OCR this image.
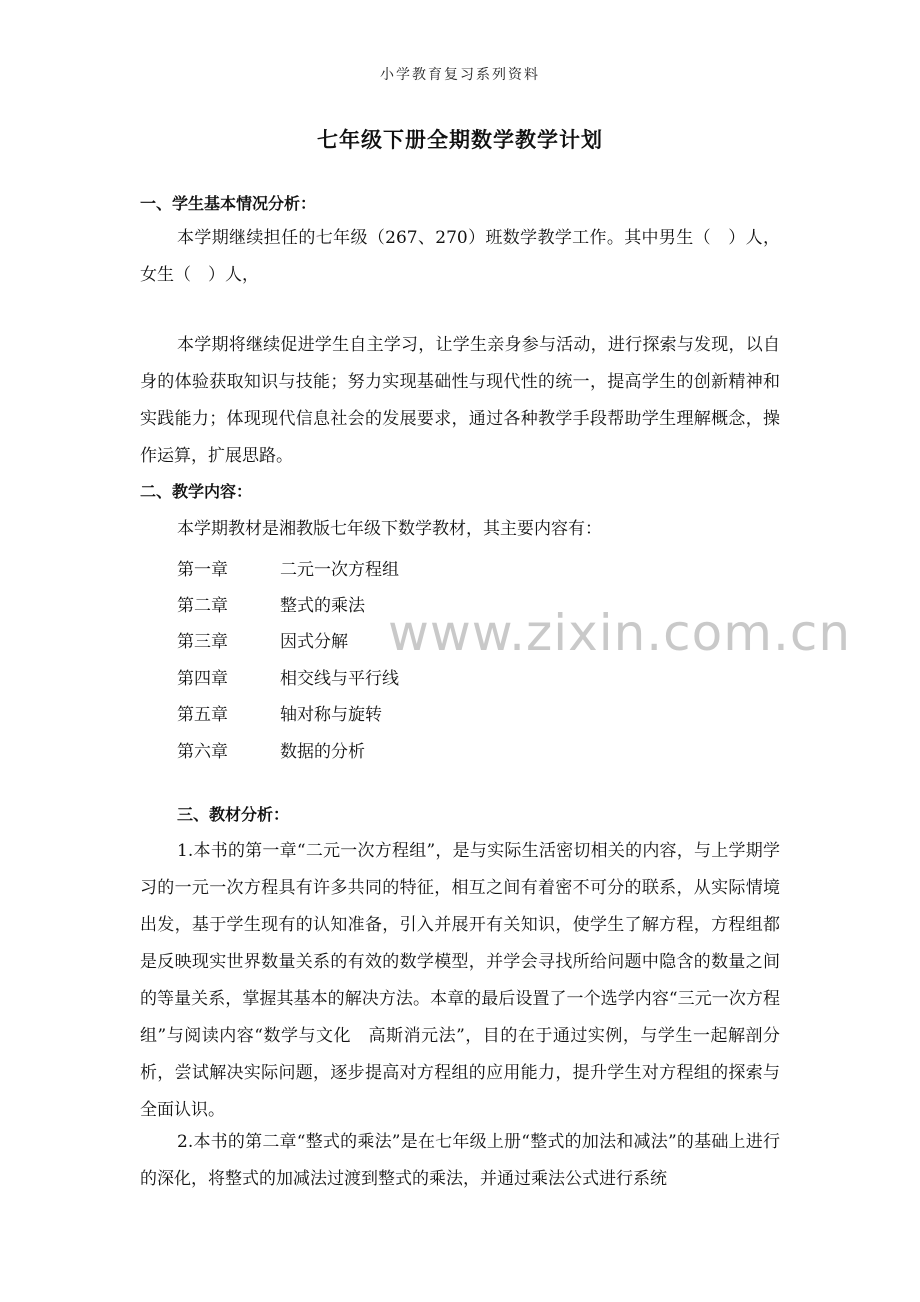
小学教育复习系列资料
七年级下册全期数学教学计划
一、学生基本情况分析：

本学期继续担任的七年级（267、270）班数学教学工作。其中男生（　）人，女生（　）人，

本学期将继续促进学生自主学习，让学生亲身参与活动，进行探索与发现，以自身的体验获取知识与技能；努力实现基础性与现代性的统一，提高学生的创新精神和实践能力；体现现代信息社会的发展要求，通过各种教学手段帮助学生理解概念，操作运算，扩展思路。

二、教学内容：
本学期教材是湘教版七年级下数学教材，其主要内容有：
第一章	二元一次方程组
第二章	整式的乘法
第三章	因式分解
第四章	相交线与平行线
第五章	轴对称与旋转
第六章	数据的分析
三、教材分析：

1.本书的第一章“二元一次方程组”，是与实际生活密切相关的内容，与上学期学习的一元一次方程具有许多共同的特征，相互之间有着密不可分的联系，从实际情境出发，基于学生现有的认知准备，引入并展开有关知识，使学生了解方程，方程组都是反映现实世界数量关系的有效的数学模型，并学会寻找所给问题中隐含的数量之间的等量关系，掌握其基本的解决方法。本章的最后设置了一个选学内容“三元一次方程组”与阅读内容“数学与文化　高斯消元法”，目的在于通过实例，与学生一起解剖分析，尝试解决实际问题，逐步提高对方程组的应用能力，提升学生对方程组的探索与全面认识。

2.本书的第二章“整式的乘法”是在七年级上册“整式的加法和减法”的基础上进行的深化，将整式的加减法过渡到整式的乘法，并通过乘法公式进行系统

www.zixin.com.cn
